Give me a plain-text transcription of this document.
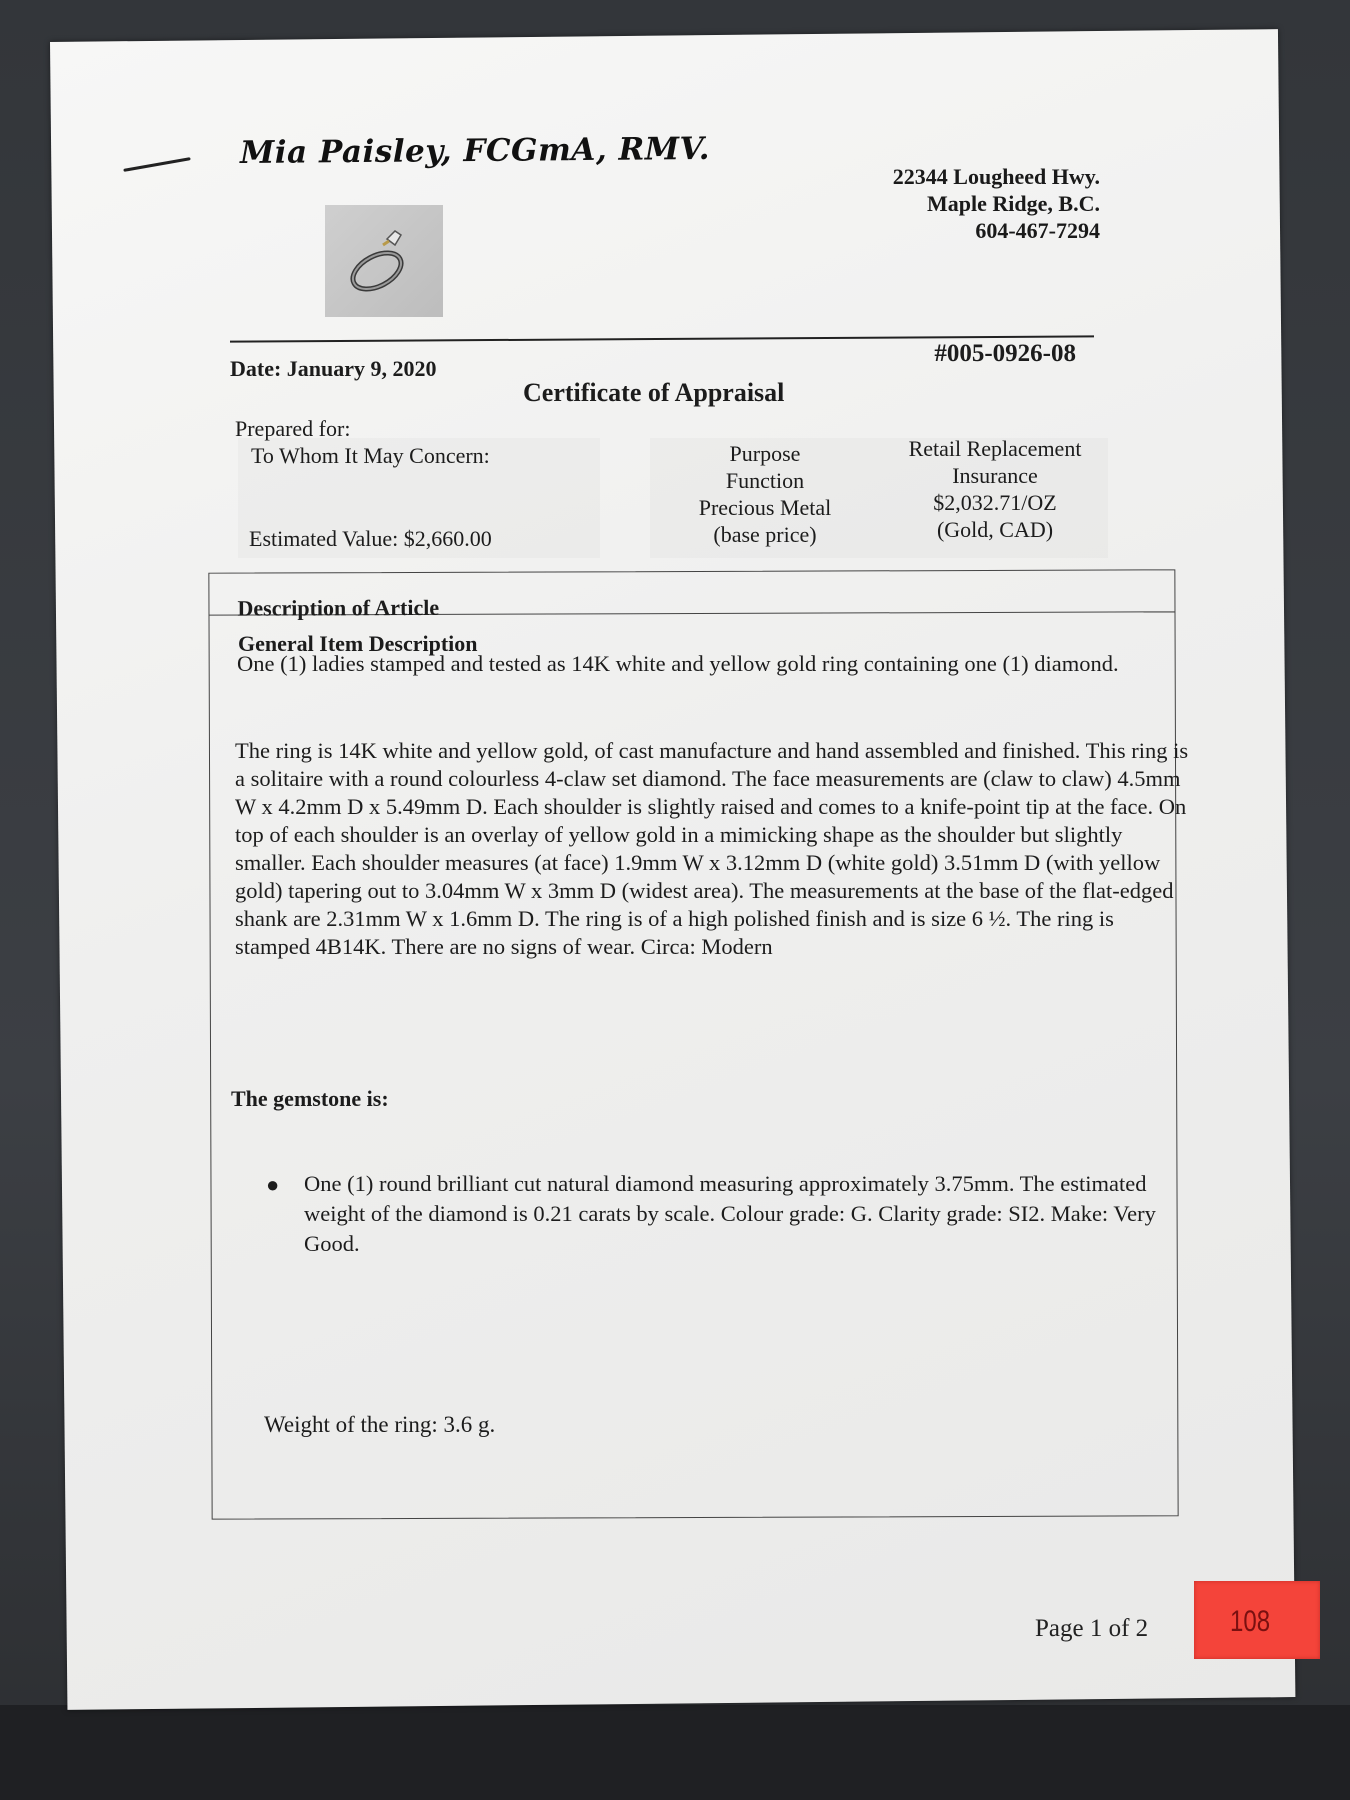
Mia Paisley, FCGmA, RMV.
22344 Lougheed Hwy.
Maple Ridge, B.C.
604-467-7294
Date: January 9, 2020
#005-0926-08
Certificate of Appraisal
Prepared for:
To Whom It May Concern:
Estimated Value: $2,660.00
Purpose
Function
Precious Metal
(base price)
Retail Replacement
Insurance
$2,032.71/OZ
(Gold, CAD)
Description of Article
General Item Description
One (1) ladies stamped and tested as 14K white and yellow gold ring containing one (1) diamond.
The ring is 14K white and yellow gold, of cast manufacture and hand assembled and finished. This ring is a solitaire with a round colourless 4-claw set diamond. The face measurements are (claw to claw) 4.5mm W x 4.2mm D x 5.49mm D. Each shoulder is slightly raised and comes to a knife-point tip at the face. On top of each shoulder is an overlay of yellow gold in a mimicking shape as the shoulder but slightly smaller. Each shoulder measures (at face) 1.9mm W x 3.12mm D (white gold) 3.51mm D (with yellow gold) tapering out to 3.04mm W x 3mm D (widest area). The measurements at the base of the flat-edged shank are 2.31mm W x 1.6mm D. The ring is of a high polished finish and is size 6 ½. The ring is stamped 4B14K. There are no signs of wear. Circa: Modern
The gemstone is:
● One (1) round brilliant cut natural diamond measuring approximately 3.75mm. The estimated weight of the diamond is 0.21 carats by scale. Colour grade: G. Clarity grade: SI2. Make: Very Good.
Weight of the ring: 3.6 g.
Page 1 of 2	108
